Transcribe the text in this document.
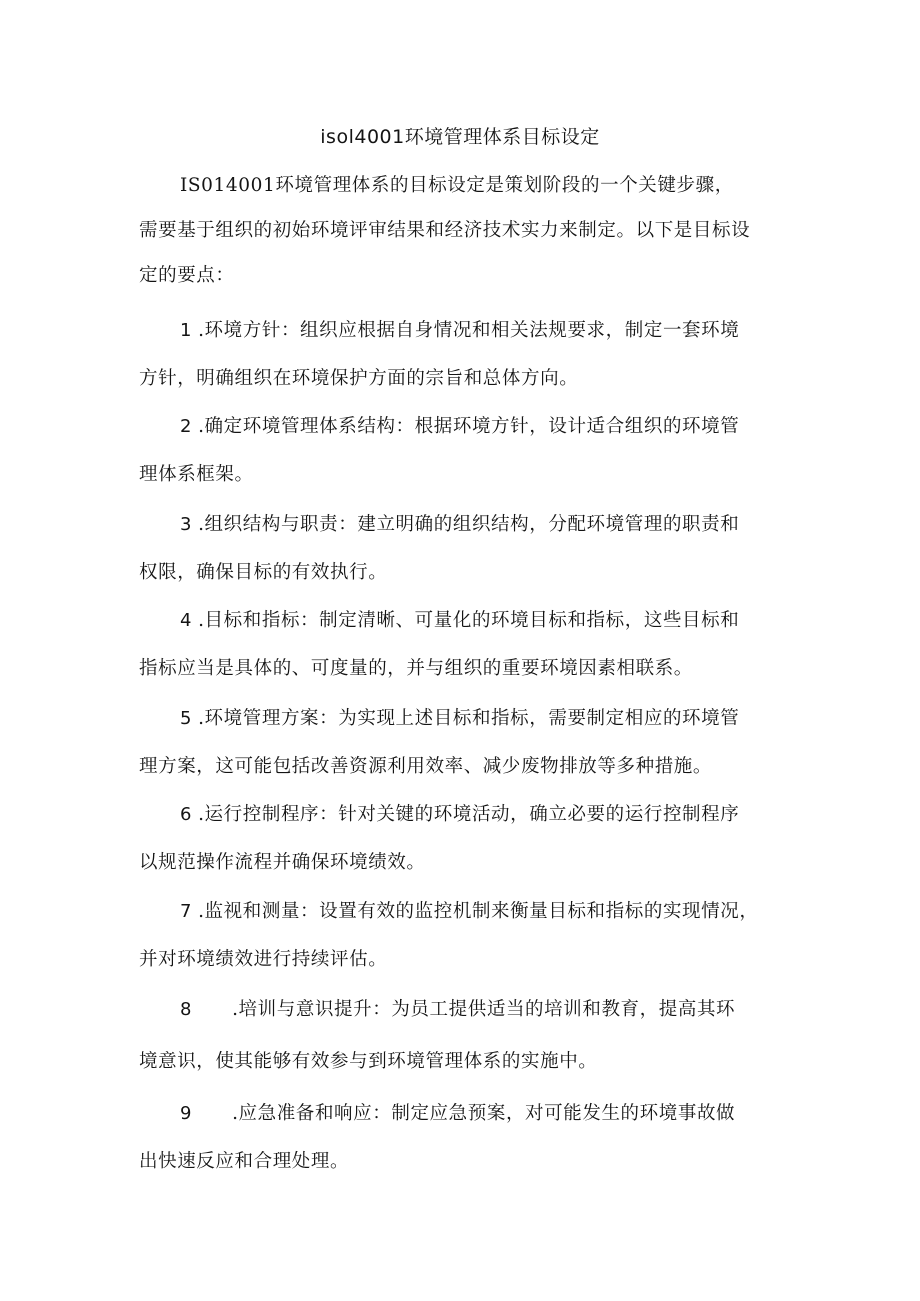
isol4001环境管理体系目标设定
IS014001环境管理体系的目标设定是策划阶段的一个关键步骤，
需要基于组织的初始环境评审结果和经济技术实力来制定。以下是目标设
定的要点：
1 .环境方针：组织应根据自身情况和相关法规要求，制定一套环境
方针，明确组织在环境保护方面的宗旨和总体方向。
2 .确定环境管理体系结构：根据环境方针，设计适合组织的环境管
理体系框架。
3 .组织结构与职责：建立明确的组织结构，分配环境管理的职责和
权限，确保目标的有效执行。
4 .目标和指标：制定清晰、可量化的环境目标和指标，这些目标和
指标应当是具体的、可度量的，并与组织的重要环境因素相联系。
5 .环境管理方案：为实现上述目标和指标，需要制定相应的环境管
理方案，这可能包括改善资源利用效率、减少废物排放等多种措施。
6 .运行控制程序：针对关键的环境活动，确立必要的运行控制程序
以规范操作流程并确保环境绩效。
7 .监视和测量：设置有效的监控机制来衡量目标和指标的实现情况，
并对环境绩效进行持续评估。
8 .培训与意识提升：为员工提供适当的培训和教育，提高其环
境意识，使其能够有效参与到环境管理体系的实施中。
9 .应急准备和响应：制定应急预案，对可能发生的环境事故做
出快速反应和合理处理。
